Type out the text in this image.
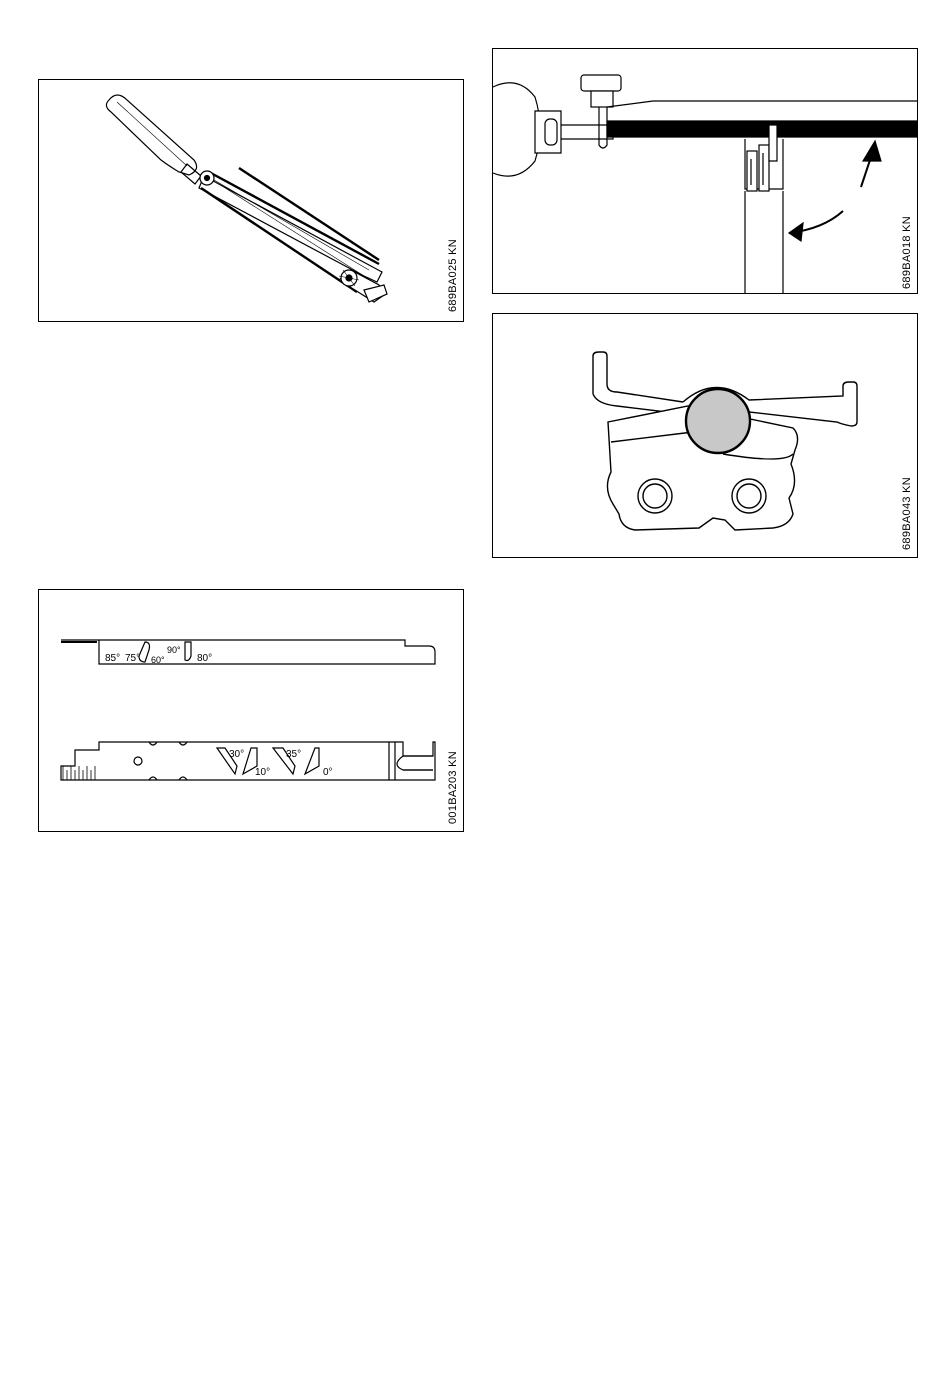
689BA025 KN	689BA018 KN
689BA043 KN
85° 75° 60°
90°
80°
30°
10°
35°
0°	001BA203 KN
